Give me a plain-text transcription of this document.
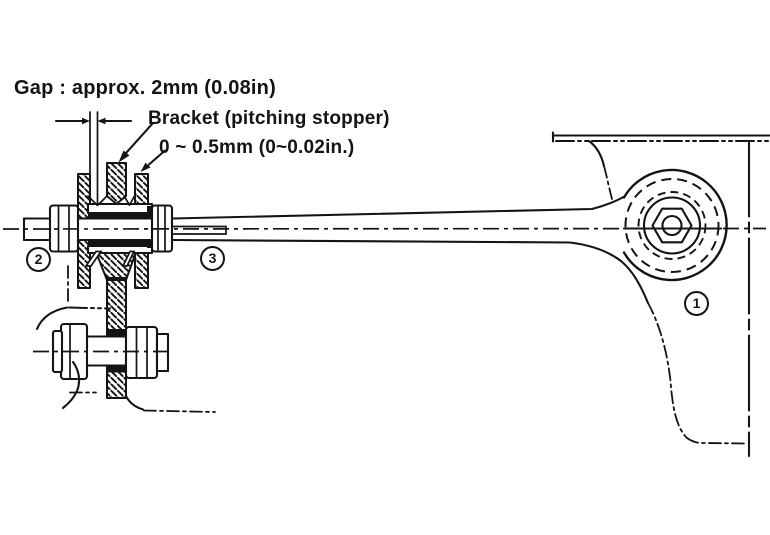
Gap : approx. 2mm (0.08in)
Bracket (pitching stopper)
0 ~ 0.5mm (0~0.02in.)
2	3
1
